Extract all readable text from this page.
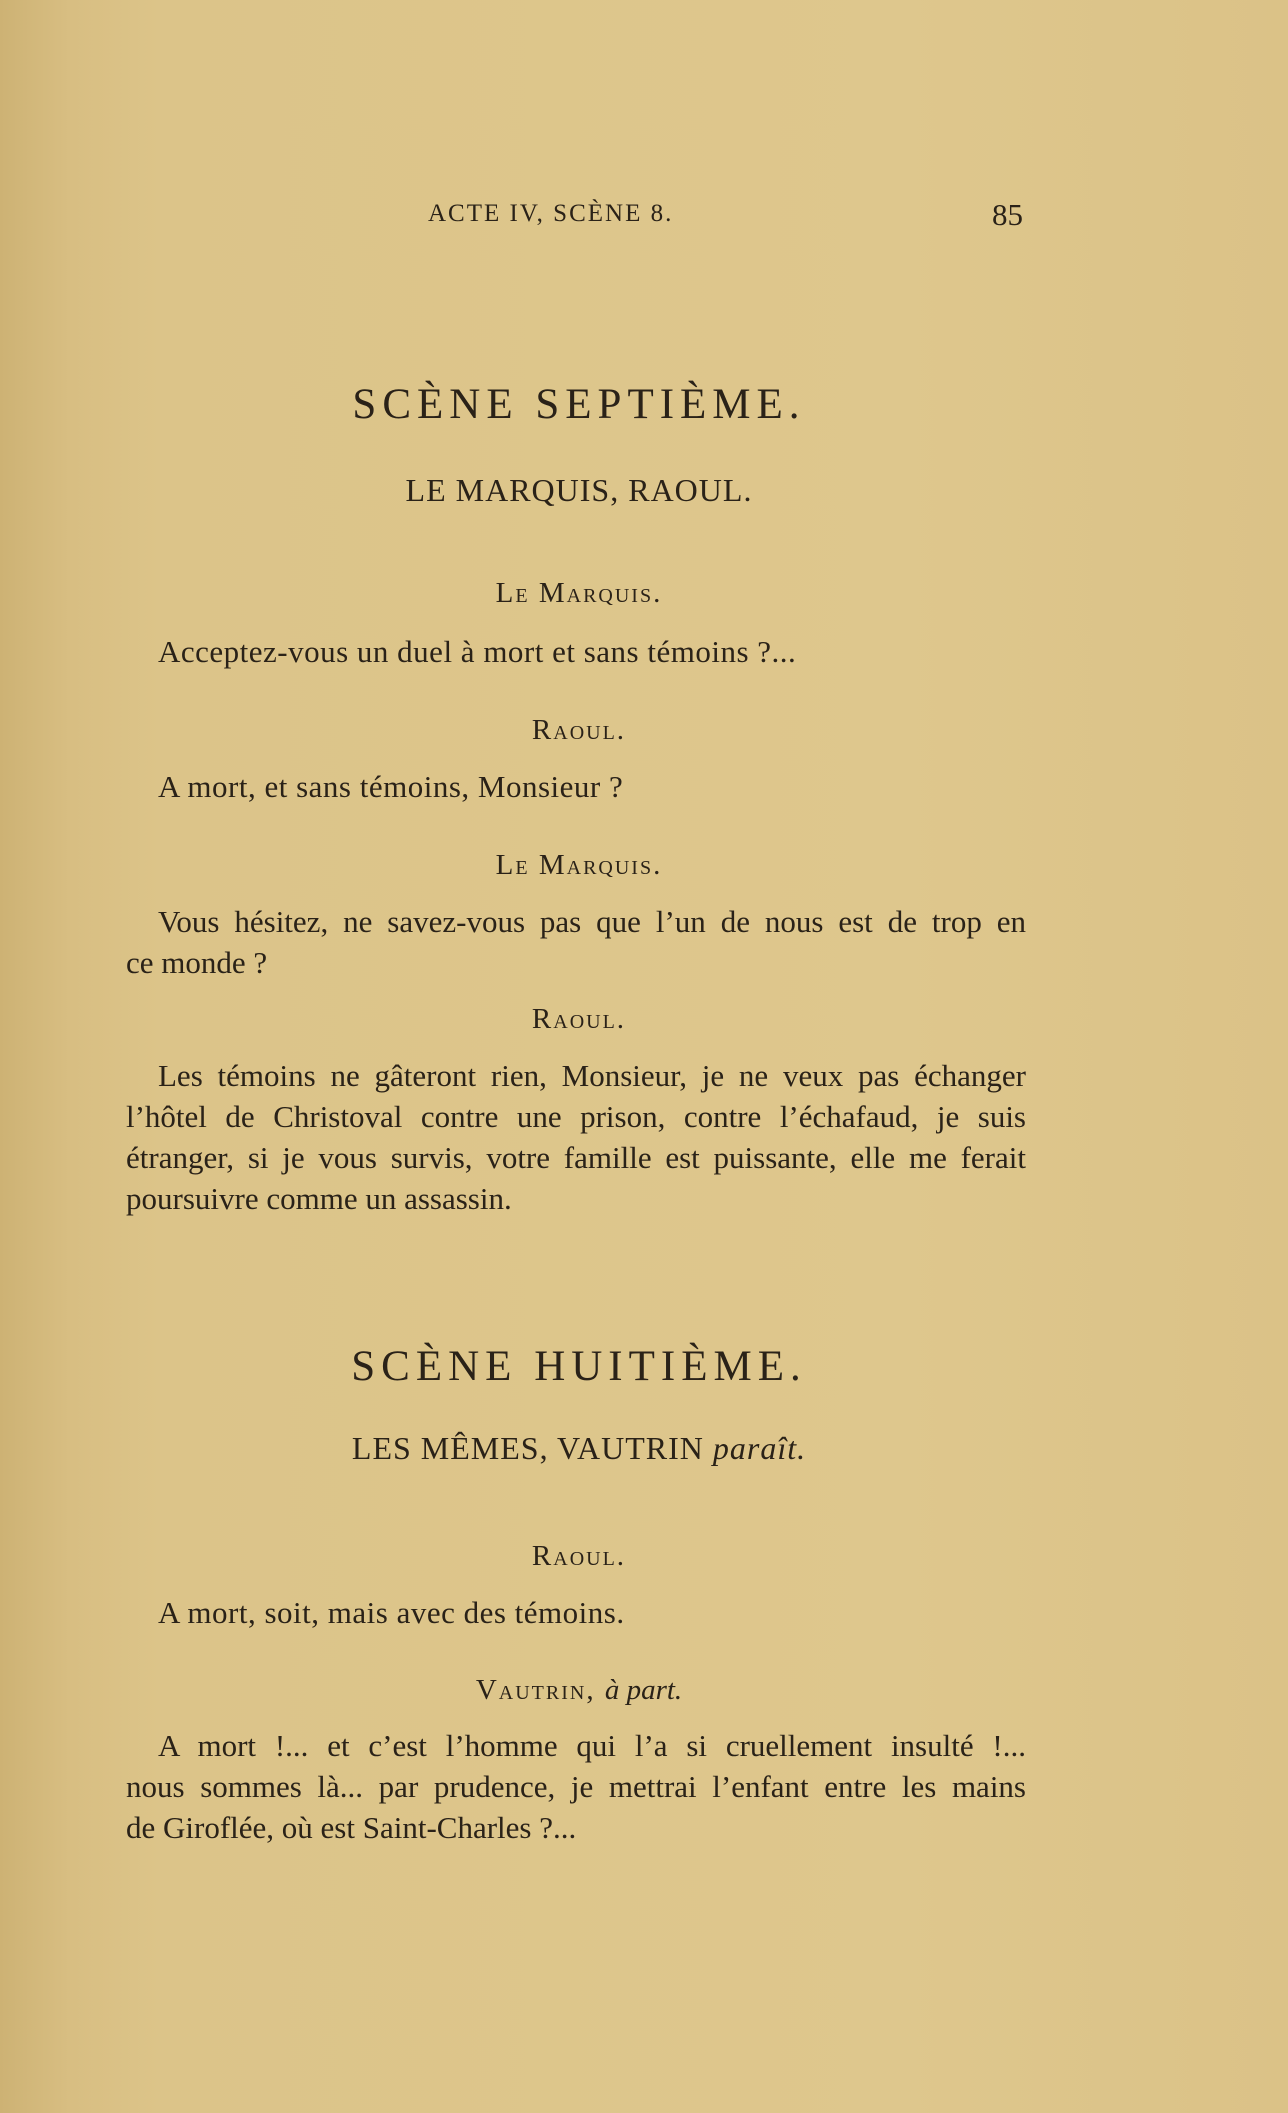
ACTE IV, SCÈNE 8.	85
SCÈNE SEPTIÈME.
LE MARQUIS, RAOUL.
Le Marquis.
Acceptez-vous un duel à mort et sans témoins ?...
Raoul.
A mort, et sans témoins, Monsieur ?
Le Marquis.
Vous hésitez, ne savez-vous pas que l’un de nous est de trop en
ce monde ?
Raoul.
Les témoins ne gâteront rien, Monsieur, je ne veux pas échanger
l’hôtel de Christoval contre une prison, contre l’échafaud, je suis
étranger, si je vous survis, votre famille est puissante, elle me ferait
poursuivre comme un assassin.
SCÈNE HUITIÈME.
LES MÊMES, VAUTRIN paraît.
Raoul.
A mort, soit, mais avec des témoins.
Vautrin, à part.
A mort !... et c’est l’homme qui l’a si cruellement insulté !...
nous sommes là... par prudence, je mettrai l’enfant entre les mains
de Giroflée, où est Saint-Charles ?...
